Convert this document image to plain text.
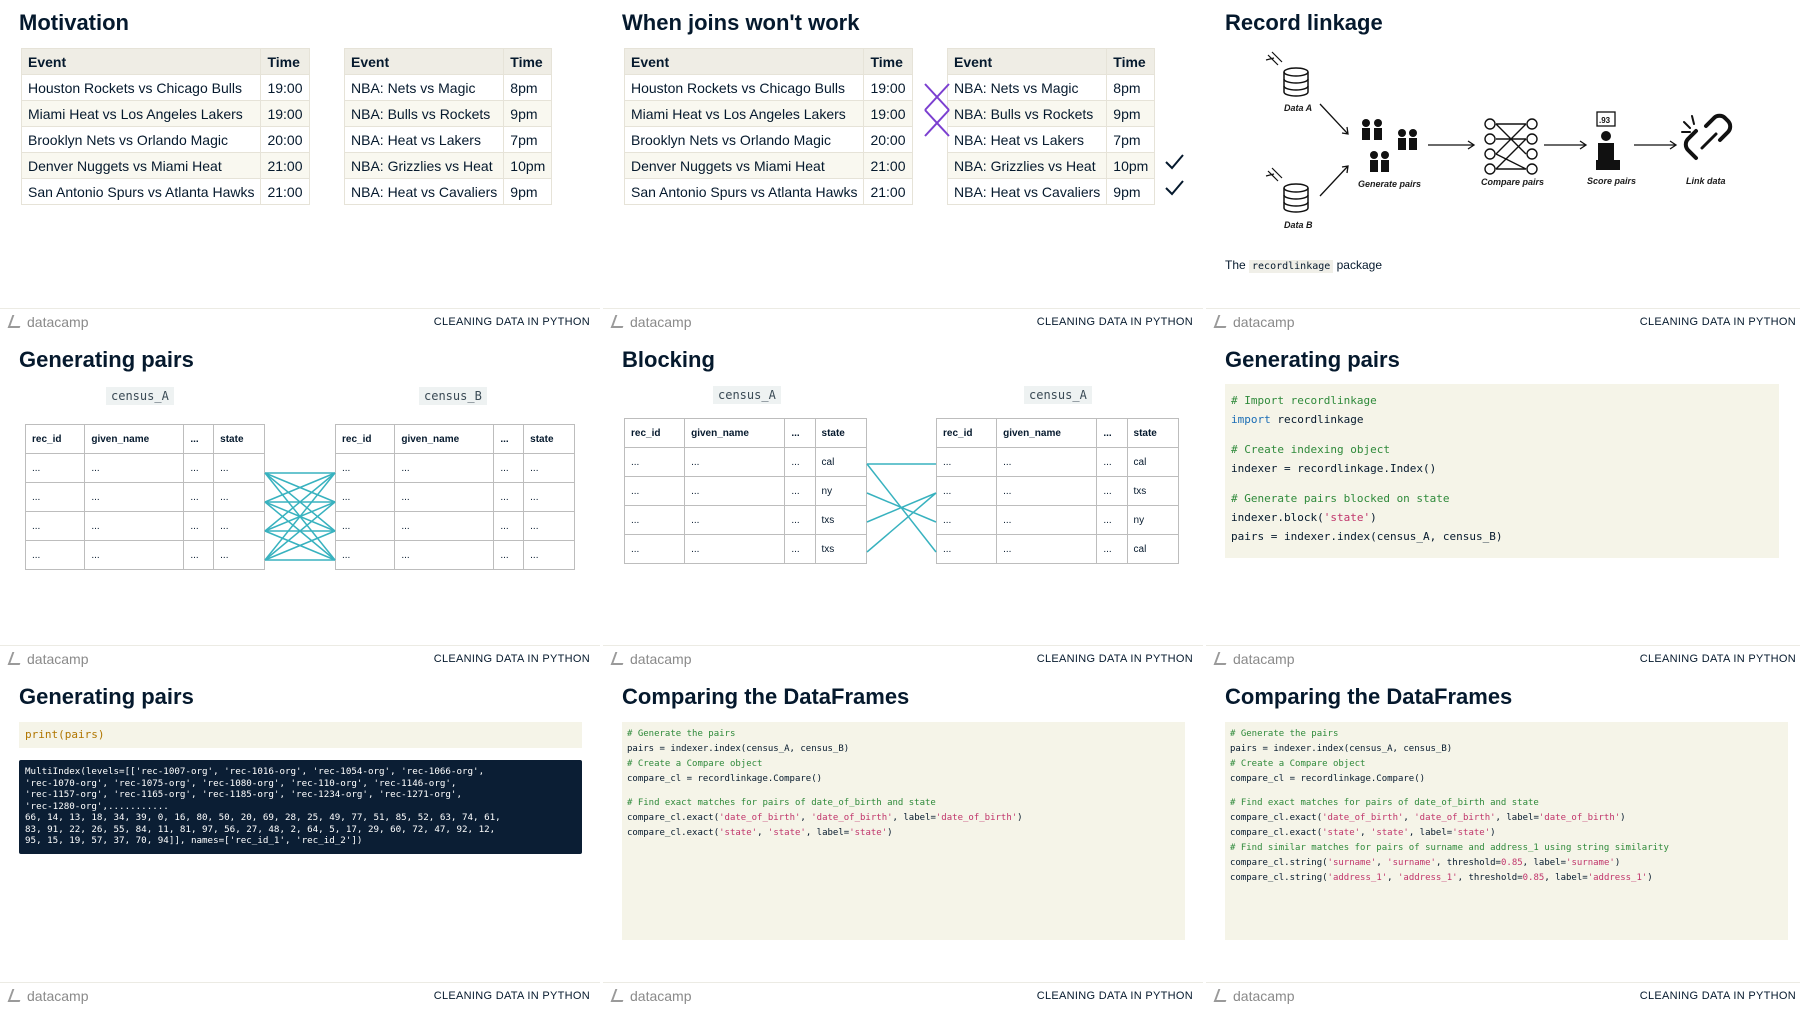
Motivation
Event	Time
Houston Rockets vs Chicago Bulls	19:00
Miami Heat vs Los Angeles Lakers	19:00
Brooklyn Nets vs Orlando Magic	20:00
Denver Nuggets vs Miami Heat	21:00
San Antonio Spurs vs Atlanta Hawks	21:00
Event	Time
NBA: Nets vs Magic	8pm
NBA: Bulls vs Rockets	9pm
NBA: Heat vs Lakers	7pm
NBA: Grizzlies vs Heat	10pm
NBA: Heat vs Cavaliers	9pm
datacamp	CLEANING DATA IN PYTHON
When joins won't work
Event	Time
Houston Rockets vs Chicago Bulls	19:00
Miami Heat vs Los Angeles Lakers	19:00
Brooklyn Nets vs Orlando Magic	20:00
Denver Nuggets vs Miami Heat	21:00
San Antonio Spurs vs Atlanta Hawks	21:00
Event	Time
NBA: Nets vs Magic	8pm
NBA: Bulls vs Rockets	9pm
NBA: Heat vs Lakers	7pm
NBA: Grizzlies vs Heat	10pm
NBA: Heat vs Cavaliers	9pm
datacamp	CLEANING DATA IN PYTHON
Record linkage
Data A
Data B
Generate pairs	Compare pairs
.93
Score pairs	Link data
The recordlinkage package
datacamp	CLEANING DATA IN PYTHON
Generating pairs
census_A	census_B
rec_id	given_name	...	state
...	...	...	...
...	...	...	...
...	...	...	...
...	...	...	...
rec_id	given_name	...	state
...	...	...	...
...	...	...	...
...	...	...	...
...	...	...	...
datacamp	CLEANING DATA IN PYTHON
Blocking
census_A	census_A
rec_id	given_name	...	state
...	...	...	cal
...	...	...	ny
...	...	...	txs
...	...	...	txs
rec_id	given_name	...	state
...	...	...	cal
...	...	...	txs
...	...	...	ny
...	...	...	cal
datacamp	CLEANING DATA IN PYTHON
Generating pairs
# Import recordlinkage
import recordlinkage
# Create indexing object
indexer = recordlinkage.Index()
# Generate pairs blocked on state
indexer.block('state')
pairs = indexer.index(census_A, census_B)
datacamp	CLEANING DATA IN PYTHON
Generating pairs
print(pairs)
MultiIndex(levels=[['rec-1007-org', 'rec-1016-org', 'rec-1054-org', 'rec-1066-org',
'rec-1070-org', 'rec-1075-org', 'rec-1080-org', 'rec-110-org', 'rec-1146-org',
'rec-1157-org', 'rec-1165-org', 'rec-1185-org', 'rec-1234-org', 'rec-1271-org',
'rec-1280-org',...........
66, 14, 13, 18, 34, 39, 0, 16, 80, 50, 20, 69, 28, 25, 49, 77, 51, 85, 52, 63, 74, 61,
83, 91, 22, 26, 55, 84, 11, 81, 97, 56, 27, 48, 2, 64, 5, 17, 29, 60, 72, 47, 92, 12,
95, 15, 19, 57, 37, 70, 94]], names=['rec_id_1', 'rec_id_2'])
datacamp	CLEANING DATA IN PYTHON
Comparing the DataFrames
# Generate the pairs
pairs = indexer.index(census_A, census_B)
# Create a Compare object
compare_cl = recordlinkage.Compare()
# Find exact matches for pairs of date_of_birth and state
compare_cl.exact('date_of_birth', 'date_of_birth', label='date_of_birth')
compare_cl.exact('state', 'state', label='state')
datacamp	CLEANING DATA IN PYTHON
Comparing the DataFrames
# Generate the pairs
pairs = indexer.index(census_A, census_B)
# Create a Compare object
compare_cl = recordlinkage.Compare()
# Find exact matches for pairs of date_of_birth and state
compare_cl.exact('date_of_birth', 'date_of_birth', label='date_of_birth')
compare_cl.exact('state', 'state', label='state')
# Find similar matches for pairs of surname and address_1 using string similarity
compare_cl.string('surname', 'surname', threshold=0.85, label='surname')
compare_cl.string('address_1', 'address_1', threshold=0.85, label='address_1')
datacamp	CLEANING DATA IN PYTHON
